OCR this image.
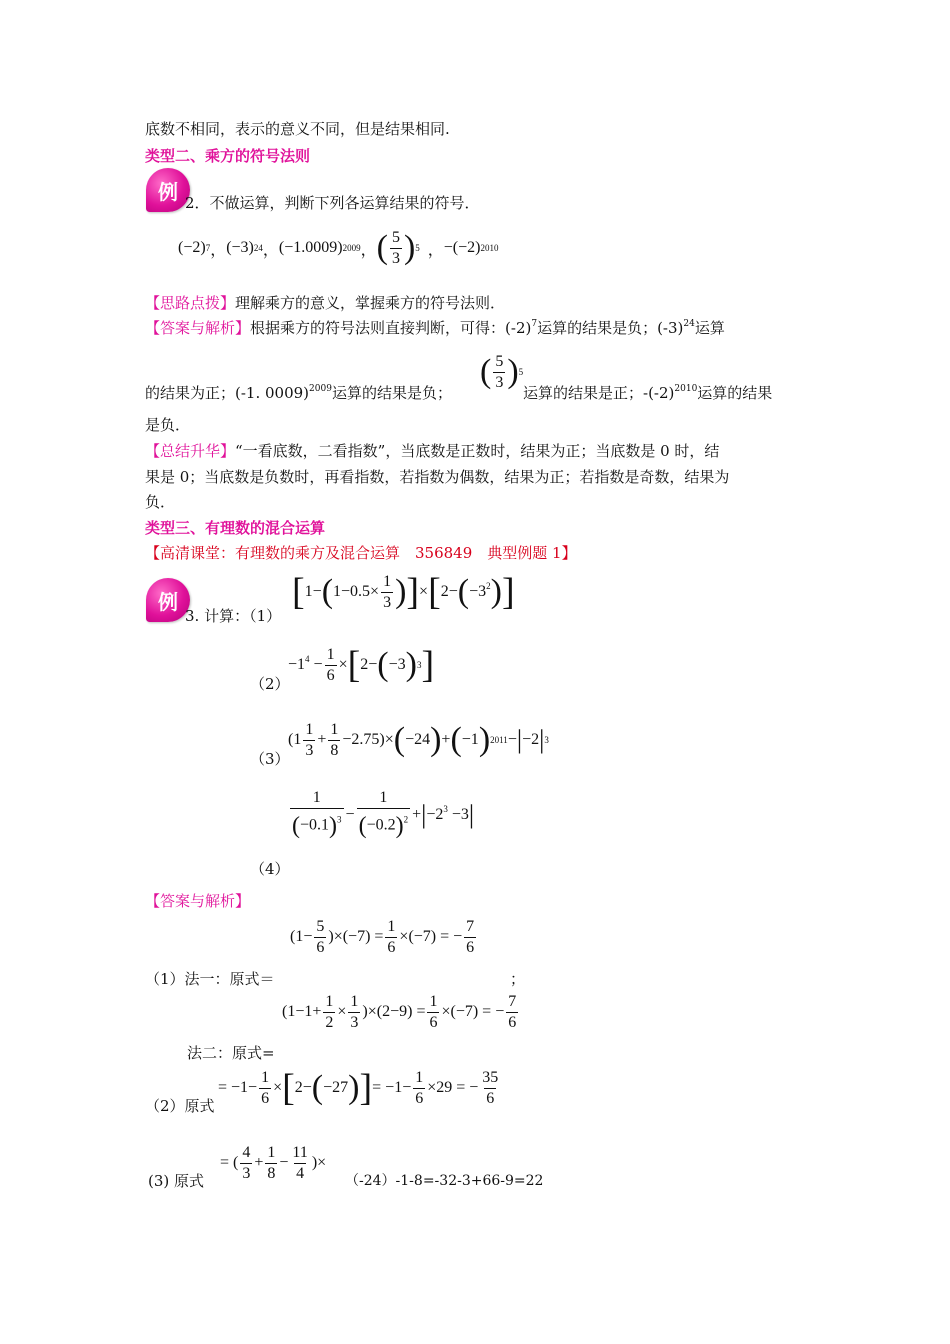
底数不相同，表示的意义不同，但是结果相同.
类型二、乘方的符号法则
例 2．不做运算，判断下列各运算结果的符号．
(−2) 7 ， (−3) 24 ， (−1.0009) 2009 ， ( $\frac{5}{3}$ ) 5 ， −(−2) 2010
【思路点拨】理解乘方的意义，掌握乘方的符号法则．
【答案与解析】根据乘方的符号法则直接判断，可得：$(-2)^7$运算的结果是负；$(-3)^{24}$运算
的结果为正；(-1. 0009)$^{2009}$运算的结果是负；
( $\frac{5}{3}$ ) 5
运算的结果是正；$-(-2)^{2010}$运算的结果
是负．
【总结升华】“一看底数，二看指数”，当底数是正数时，结果为正；当底数是 0 时，结
果是 0；当底数是负数时，再看指数，若指数为偶数，结果为正；若指数是奇数，结果为
负．
类型三、有理数的混合运算
【高清课堂：有理数的乘方及混合运算　356849　典型例题 1】
例
3. 计算：（1）
[ 1− ( $1-0.5\times \frac{1}{3}$ ) ] × [ 2− ( $-3^2$ ) ]
$-1^4 - \frac{1}{6}$ × [ 2− ( −3 ) 3 ]
（2）
$(1 \frac{1}{3} + \frac{1}{8} -2.75)\times$ ( −24 ) + ( −1 ) 2011 − | −2 | 3
（3）
$\frac{1}{(-0.1)^3} - \frac{1}{(-0.2)^2}$ + | $-2^3 -3$ |
（4）
【答案与解析】
$(1- \frac{5}{6} )\times(-7) = \frac{1}{6} \times(-7)$ = − $\frac{7}{6}$
（1）法一：原式＝	；
$(1-1+ \frac{1}{2} \times \frac{1}{3} )\times(2-9) = \frac{1}{6} \times(-7)$ = − $\frac{7}{6}$
法二：原式=
= $-1- \frac{1}{6}$ × [ 2− ( −27 ) ] = $-1- \frac{1}{6} \times 29$ = − $\frac{35}{6}$
（2）原式
= ( $\frac{4}{3} + \frac{1}{8} - \frac{11}{4}$ )×
(3) 原式	（-24）-1-8=-32-3+66-9=22
